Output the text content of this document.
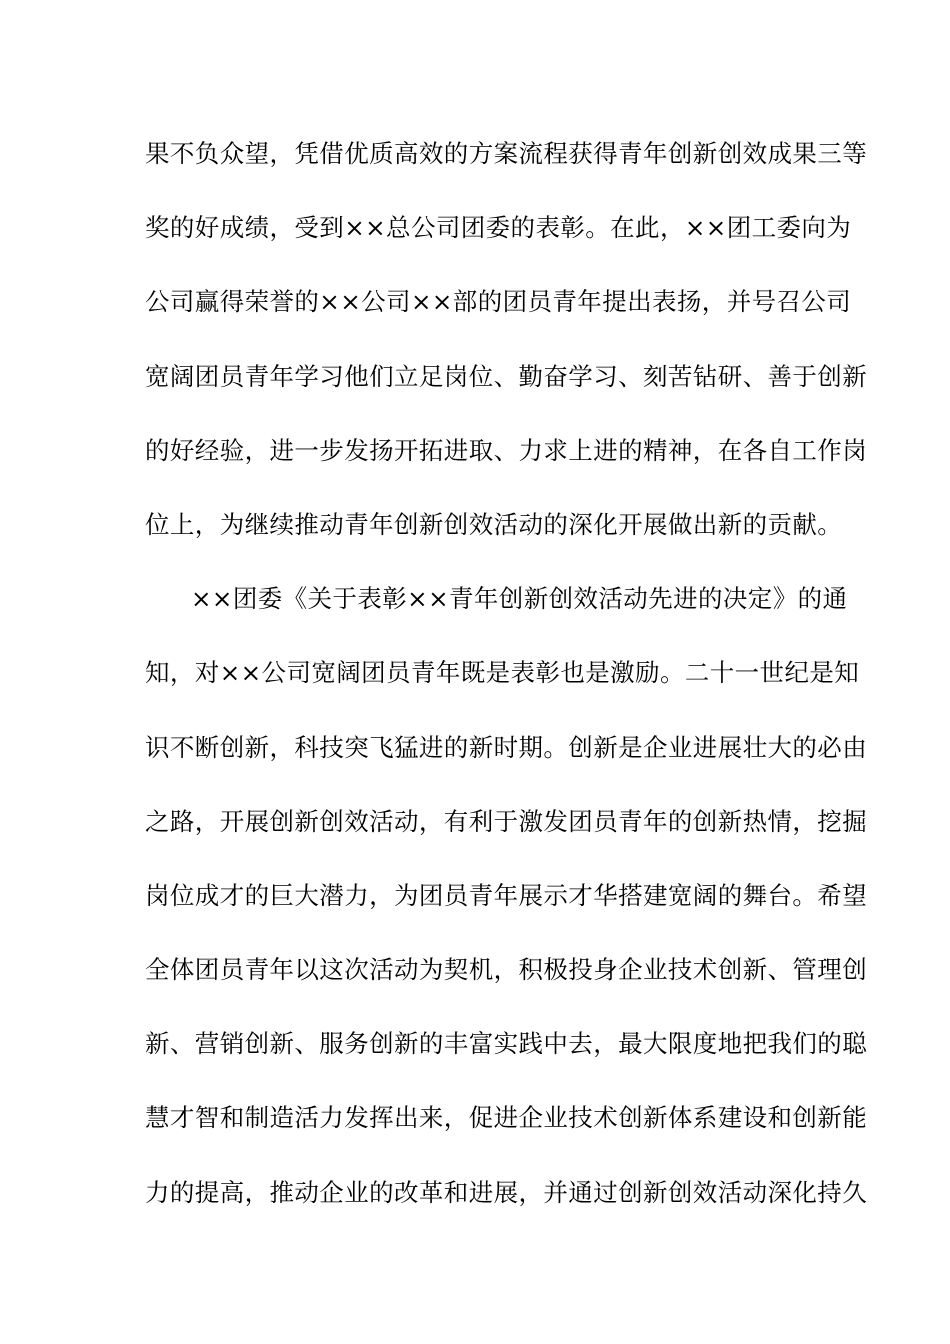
果不负众望，凭借优质高效的方案流程获得青年创新创效成果三等
奖的好成绩，受到××总公司团委的表彰。在此，××团工委向为
公司赢得荣誉的××公司××部的团员青年提出表扬，并号召公司
宽阔团员青年学习他们立足岗位、勤奋学习、刻苦钻研、善于创新
的好经验，进一步发扬开拓进取、力求上进的精神，在各自工作岗
位上，为继续推动青年创新创效活动的深化开展做出新的贡献。
××团委《关于表彰××青年创新创效活动先进的决定》的通
知，对××公司宽阔团员青年既是表彰也是激励。二十一世纪是知
识不断创新，科技突飞猛进的新时期。创新是企业进展壮大的必由
之路，开展创新创效活动，有利于激发团员青年的创新热情，挖掘
岗位成才的巨大潜力，为团员青年展示才华搭建宽阔的舞台。希望
全体团员青年以这次活动为契机，积极投身企业技术创新、管理创
新、营销创新、服务创新的丰富实践中去，最大限度地把我们的聪
慧才智和制造活力发挥出来，促进企业技术创新体系建设和创新能
力的提高，推动企业的改革和进展，并通过创新创效活动深化持久
